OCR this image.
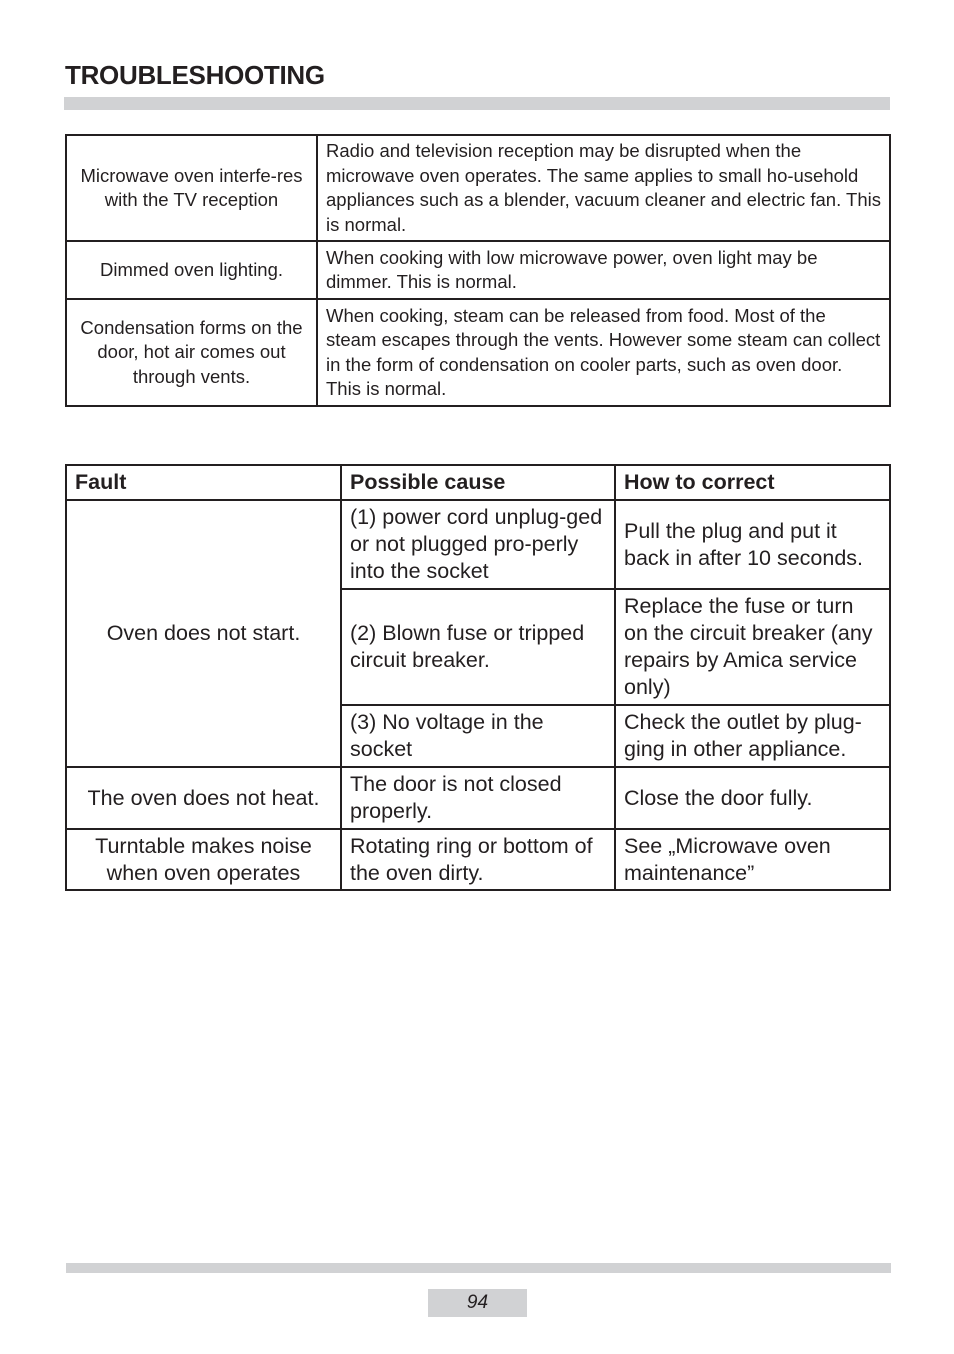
TROUBLESHOOTING
Microwave oven interfe-res with the TV reception	Radio and television reception may be disrupted when the microwave oven operates. The same applies to small ho-usehold appliances such as a blender, vacuum cleaner and electric fan. This is normal.
Dimmed oven lighting.	When cooking with low microwave power, oven light may be dimmer. This is normal.
Condensation forms on the door, hot air comes out through vents.	When cooking, steam can be released from food. Most of the steam escapes through the vents. However some steam can collect in the form of condensation on cooler parts, such as oven door. This is normal.
Fault	Possible cause	How to correct
Oven does not start.	(1) power cord unplug-ged or not plugged pro-perly into the socket	Pull the plug and put it back in after 10 seconds.
	(2) Blown fuse or tripped circuit breaker.	Replace the fuse or turn on the circuit breaker (any repairs by Amica service only)
	(3) No voltage in the socket	Check the outlet by plug-ging in other appliance.
The oven does not heat.	The door is not closed properly.	Close the door fully.
Turntable makes noise when oven operates	Rotating ring or bottom of the oven dirty.	See „Microwave oven maintenance”
94
